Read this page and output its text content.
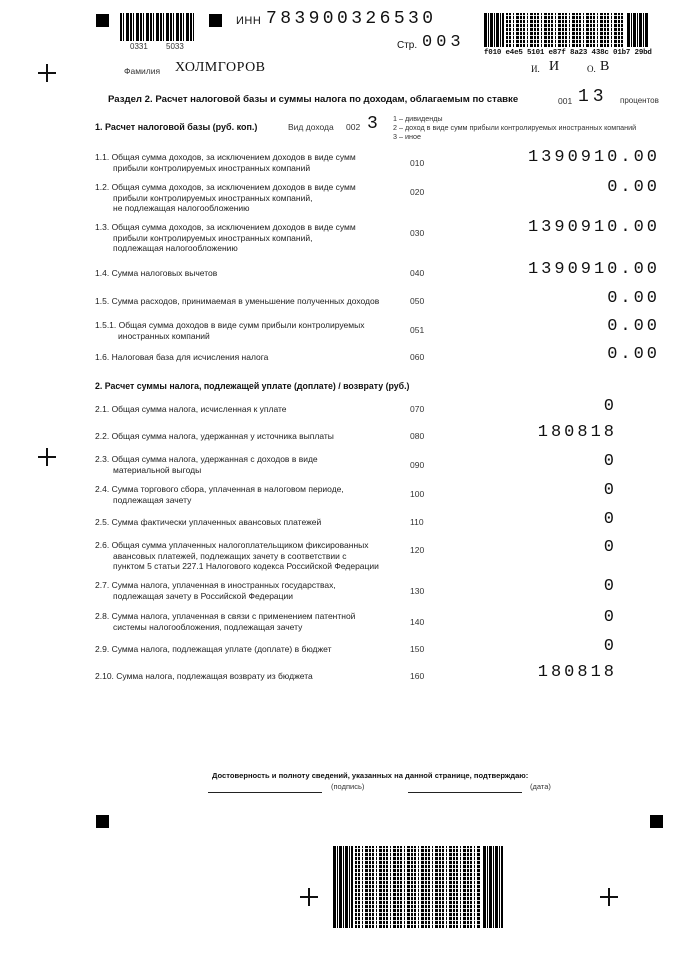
0331 5033
ИНН 783900326530
Стр. 003
Фамилия ХОЛМГОРОВ
f010 e4e5 5101 e87f 8a23 438c 01b7 29bd
И. И	О. В
Раздел 2. Расчет налоговой базы и суммы налога по доходам, облагаемым по ставке	001 13 процентов
1. Расчет налоговой базы (руб. коп.)	Вид дохода 002 3 1 – дивиденды
2 – доход в виде сумм прибыли контролируемых иностранных компаний
3 – иное
1.1. Общая сумма доходов, за исключением доходов в виде сумм
прибыли контролируемых иностранных компаний	010	1390910.00
1.2. Общая сумма доходов, за исключением доходов в виде сумм
прибыли контролируемых иностранных компаний,
не подлежащая налогообложению
020	0.00
1.3. Общая сумма доходов, за исключением доходов в виде сумм
прибыли контролируемых иностранных компаний,
подлежащая налогообложению
030	1390910.00
1.4. Сумма налоговых вычетов	040	1390910.00
1.5. Сумма расходов, принимаемая в уменьшение полученных доходов	050	0.00
1.5.1. Общая сумма доходов в виде сумм прибыли контролируемых
иностранных компаний
051	0.00
1.6. Налоговая база для исчисления налога	060	0.00
2. Расчет суммы налога, подлежащей уплате (доплате) / возврату (руб.)
2.1. Общая сумма налога, исчисленная к уплате	070	0
2.2. Общая сумма налога, удержанная у источника выплаты	080	180818
2.3. Общая сумма налога, удержанная с доходов в виде
материальной выгоды	090	0
2.4. Сумма торгового сбора, уплаченная в налоговом периоде,
подлежащая зачету
100	0
2.5. Сумма фактически уплаченных авансовых платежей	110	0
2.6. Общая сумма уплаченных налогоплательщиком фиксированных
авансовых платежей, подлежащих зачету в соответствии с
пунктом 5 статьи 227.1 Налогового кодекса Российской Федерации
120	0
2.7. Сумма налога, уплаченная в иностранных государствах,
подлежащая зачету в Российской Федерации	130	0
2.8. Сумма налога, уплаченная в связи с применением патентной
системы налогообложения, подлежащая зачету	140	0
2.9. Сумма налога, подлежащая уплате (доплате) в бюджет	150	0
2.10. Сумма налога, подлежащая возврату из бюджета	160	180818
Достоверность и полноту сведений, указанных на данной странице, подтверждаю:
(подпись)	(дата)
